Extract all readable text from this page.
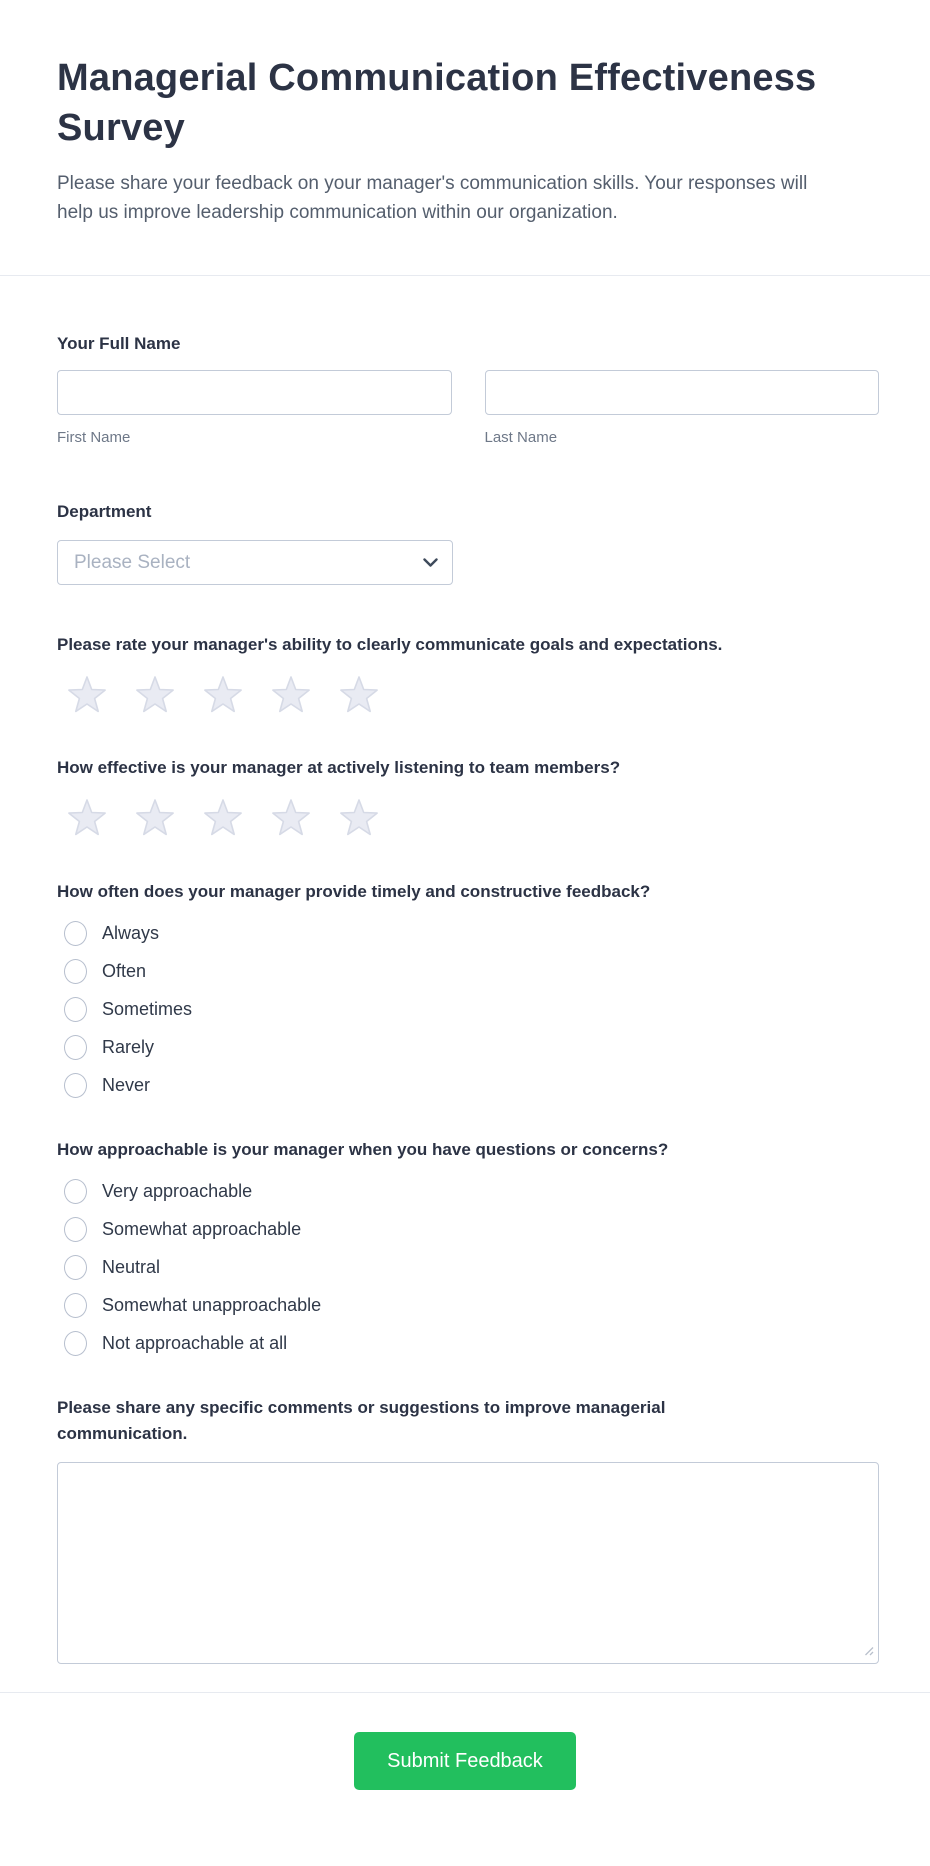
Managerial Communication Effectiveness Survey

Please share your feedback on your manager's communication skills. Your responses will help us improve leadership communication within our organization.

Your Full Name
First Name	Last Name
Department
Please Select
Please rate your manager's ability to clearly communicate goals and expectations.
How effective is your manager at actively listening to team members?
How often does your manager provide timely and constructive feedback?
Always
Often
Sometimes
Rarely
Never
How approachable is your manager when you have questions or concerns?
Very approachable
Somewhat approachable
Neutral
Somewhat unapproachable
Not approachable at all
Please share any specific comments or suggestions to improve managerial communication.
Submit Feedback
